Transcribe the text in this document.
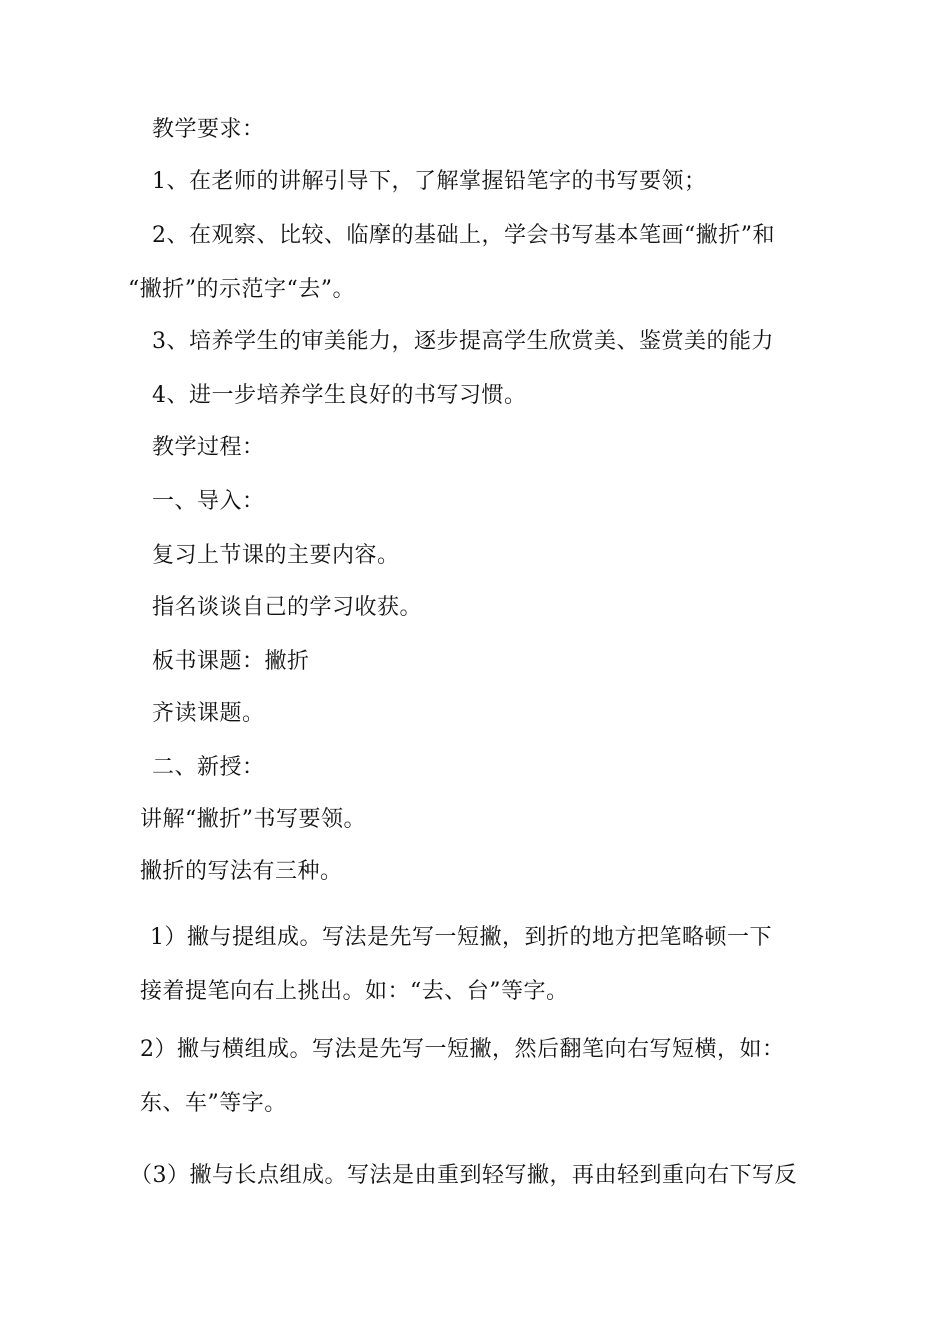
教学要求：
1、在老师的讲解引导下，了解掌握铅笔字的书写要领；
2、在观察、比较、临摩的基础上，学会书写基本笔画“撇折”和
“撇折”的示范字“去”。
3、培养学生的审美能力，逐步提高学生欣赏美、鉴赏美的能力
4、进一步培养学生良好的书写习惯。
教学过程：
一、导入：
复习上节课的主要内容。
指名谈谈自己的学习收获。
板书课题：撇折
齐读课题。
二、新授：
讲解“撇折”书写要领。
撇折的写法有三种。
1）撇与提组成。写法是先写一短撇，到折的地方把笔略顿一下
接着提笔向右上挑出。如：“去、台”等字。
2）撇与横组成。写法是先写一短撇，然后翻笔向右写短横，如：
东、车”等字。
（3）撇与长点组成。写法是由重到轻写撇，再由轻到重向右下写反
